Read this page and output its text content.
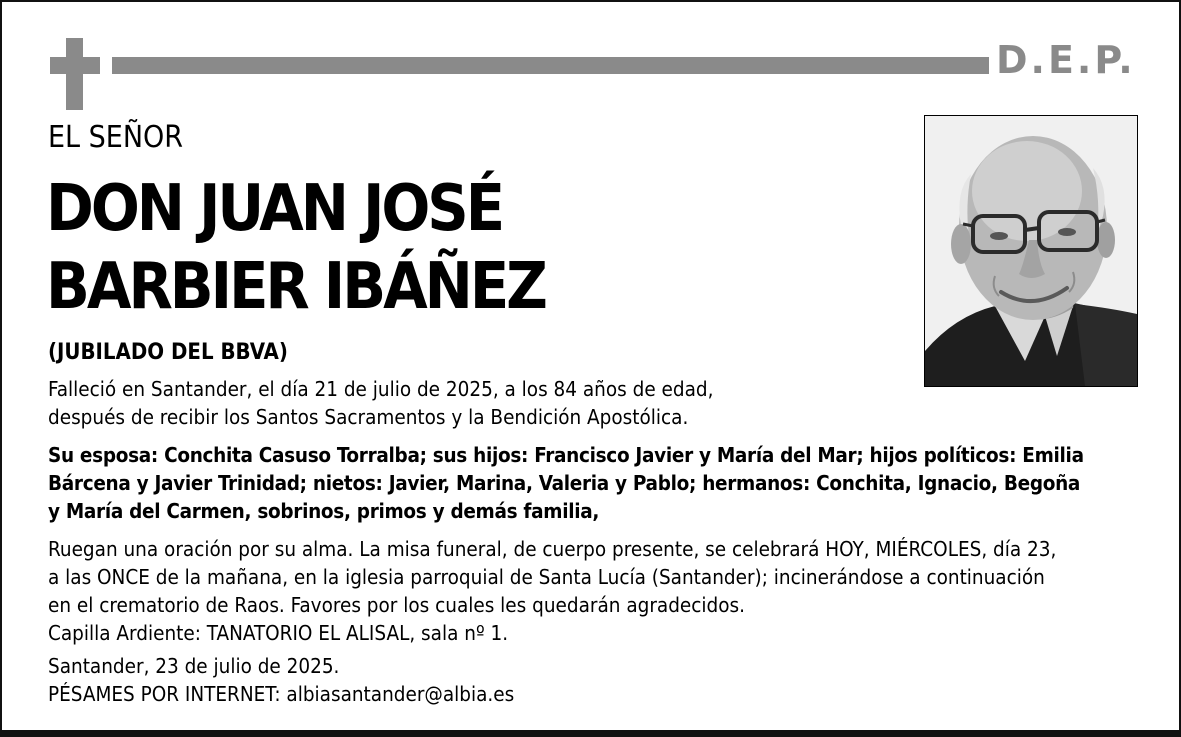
D.E.P.
EL SEÑOR
DON JUAN JOSÉ
BARBIER IBÁÑEZ
(JUBILADO DEL BBVA)
Falleció en Santander, el día 21 de julio de 2025, a los 84 años de edad,
después de recibir los Santos Sacramentos y la Bendición Apostólica.
Su esposa: Conchita Casuso Torralba; sus hijos: Francisco Javier y María del Mar; hijos políticos: Emilia
Bárcena y Javier Trinidad; nietos: Javier, Marina, Valeria y Pablo; hermanos: Conchita, Ignacio, Begoña
y María del Carmen, sobrinos, primos y demás familia,
Ruegan una oración por su alma. La misa funeral, de cuerpo presente, se celebrará HOY, MIÉRCOLES, día 23,
a las ONCE de la mañana, en la iglesia parroquial de Santa Lucía (Santander); incinerándose a continuación
en el crematorio de Raos. Favores por los cuales les quedarán agradecidos.
Capilla Ardiente: TANATORIO EL ALISAL, sala nº 1.
Santander, 23 de julio de 2025.
PÉSAMES POR INTERNET: albiasantander@albia.es
